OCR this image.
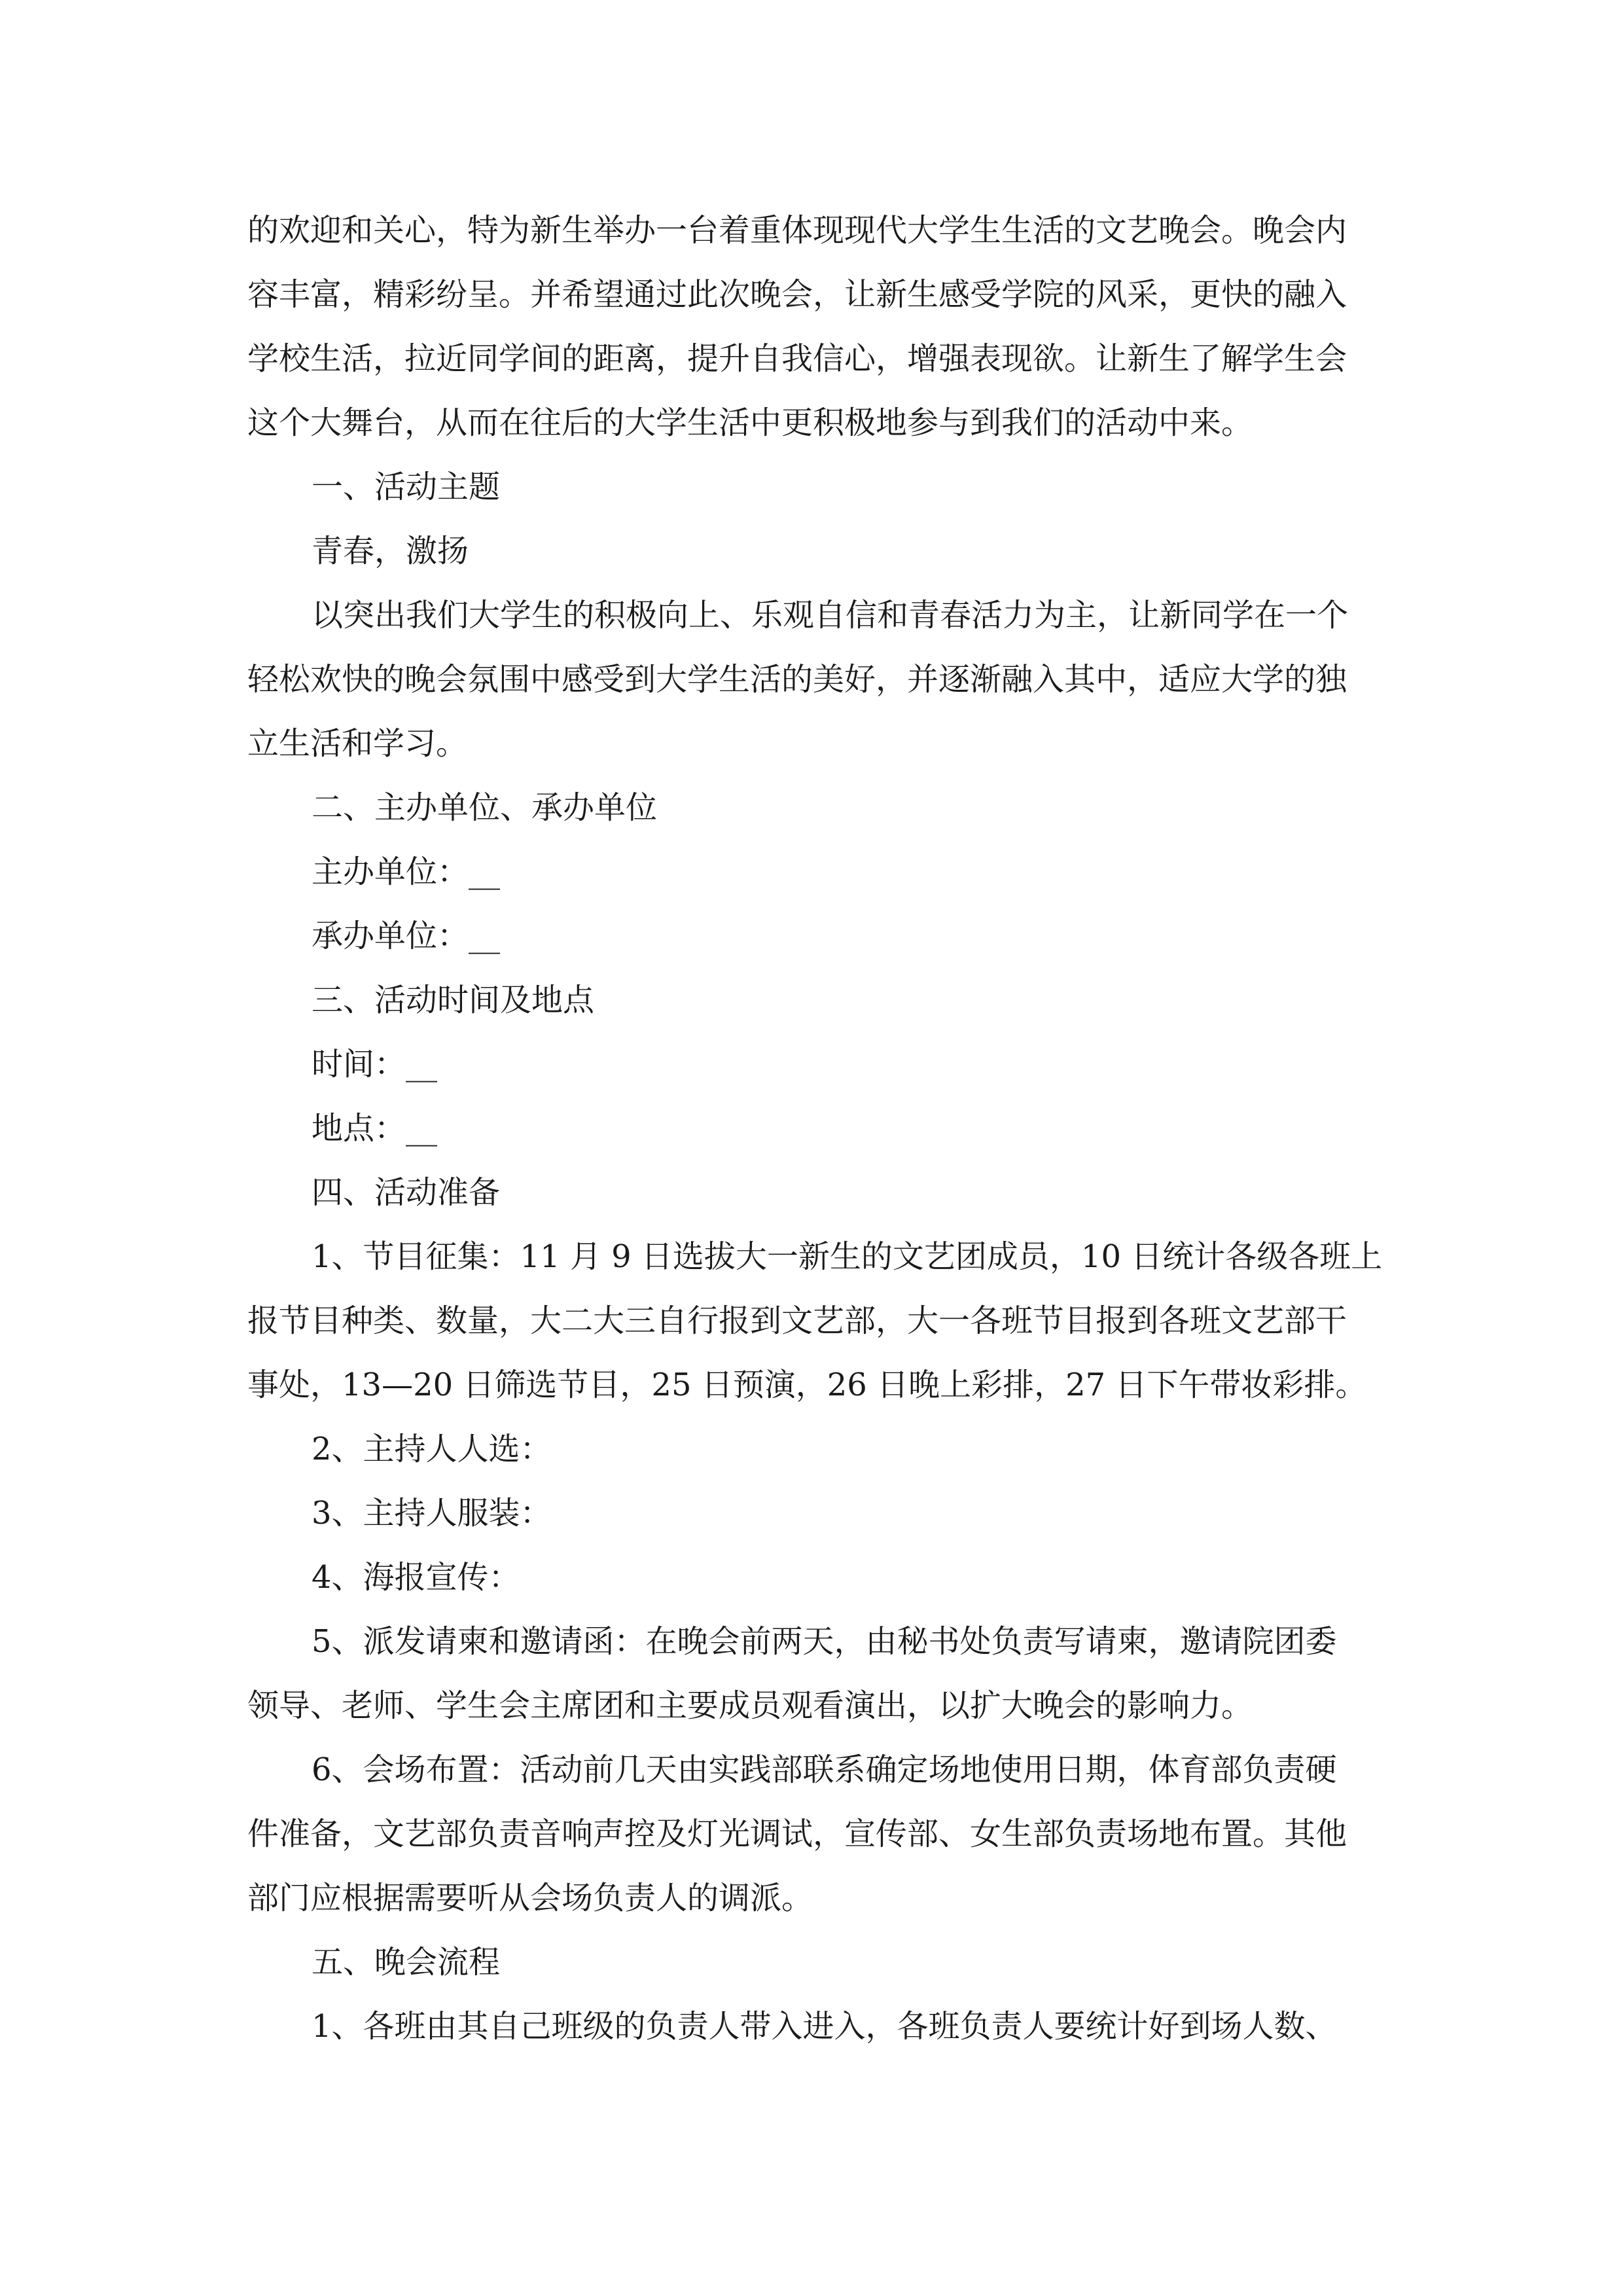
的欢迎和关心，特为新生举办一台着重体现现代大学生生活的文艺晚会。晚会内
容丰富，精彩纷呈。并希望通过此次晚会，让新生感受学院的风采，更快的融入
学校生活，拉近同学间的距离，提升自我信心，增强表现欲。让新生了解学生会
这个大舞台，从而在往后的大学生活中更积极地参与到我们的活动中来。
一、活动主题
青春，激扬
以突出我们大学生的积极向上、乐观自信和青春活力为主，让新同学在一个
轻松欢快的晚会氛围中感受到大学生活的美好，并逐渐融入其中，适应大学的独
立生活和学习。
二、主办单位、承办单位
主办单位：__
承办单位：__
三、活动时间及地点
时间：__
地点：__
四、活动准备
1、节目征集：11 月 9 日选拔大一新生的文艺团成员，10 日统计各级各班上
报节目种类、数量，大二大三自行报到文艺部，大一各班节目报到各班文艺部干
事处，13—20 日筛选节目，25 日预演，26 日晚上彩排，27 日下午带妆彩排。
2、主持人人选：
3、主持人服装：
4、海报宣传：
5、派发请柬和邀请函：在晚会前两天，由秘书处负责写请柬，邀请院团委
领导、老师、学生会主席团和主要成员观看演出，以扩大晚会的影响力。
6、会场布置：活动前几天由实践部联系确定场地使用日期，体育部负责硬
件准备，文艺部负责音响声控及灯光调试，宣传部、女生部负责场地布置。其他
部门应根据需要听从会场负责人的调派。
五、晚会流程
1、各班由其自己班级的负责人带入进入，各班负责人要统计好到场人数、
